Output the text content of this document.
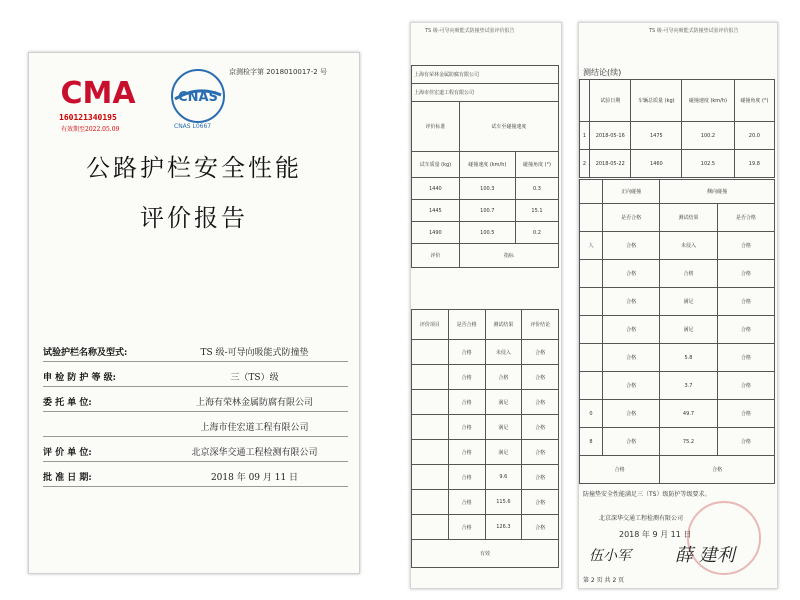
京测检字第 2018010017-2 号
CMA
160121340195
有效期至2022.05.09
CNAS
CNAS L0667
公路护栏安全性能
评价报告
试验护栏名称及型式:	TS 级-可导向吸能式防撞垫
申 检 防 护 等 级:	三（TS）级
委 托 单 位:	上海有荣林金属防腐有限公司
上海市佳宏道工程有限公司
评 价 单 位:	北京深华交通工程检测有限公司
批 准 日 期:	2018 年 09 月 11 日
TS 级-可导向吸能式防撞垫试验评价报告
上海有荣林金属防腐有限公司		
上海市佳宏道工程有限公司		
评价标准	试车至碰撞速度	
试车质量 (kg)	碰撞速度 (km/h)	碰撞角度 (°)
1440	100.3	0.3
1445	100.7	15.1
1490	100.5	0.2
评价	指标	
评价项目	是否合格	测试结果	评价结论
	合格	未侵入	合格
	合格	合格	合格
	合格	满足	合格
	合格	满足	合格
	合格	满足	合格
	合格	9.6	合格
	合格	115.6	合格
	合格	126.3	合格
有效			
TS 级-可导向吸能式防撞垫试验评价报告
测结论(续)
	试验日期	车辆总质量 (kg)	碰撞速度 (km/h)	碰撞角度 (°)
1	2018-05-16	1475	100.2	20.0
2	2018-05-22	1460	102.5	19.8
	正向碰撞	侧向碰撞	
	是否合格	测试结果	是否合格
人	合格	未侵入	合格
	合格	合格	合格
	合格	满足	合格
	合格	满足	合格
	合格	5.8	合格
	合格	3.7	合格
0	合格	49.7	合格
8	合格	75.2	合格
合格		合格	
防撞垫安全性能满足三（TS）级防护等级要求。
北京深华交通工程检测有限公司
2018 年 9 月 11 日
伍小军 薛 建利
第 2 页 共 2 页
